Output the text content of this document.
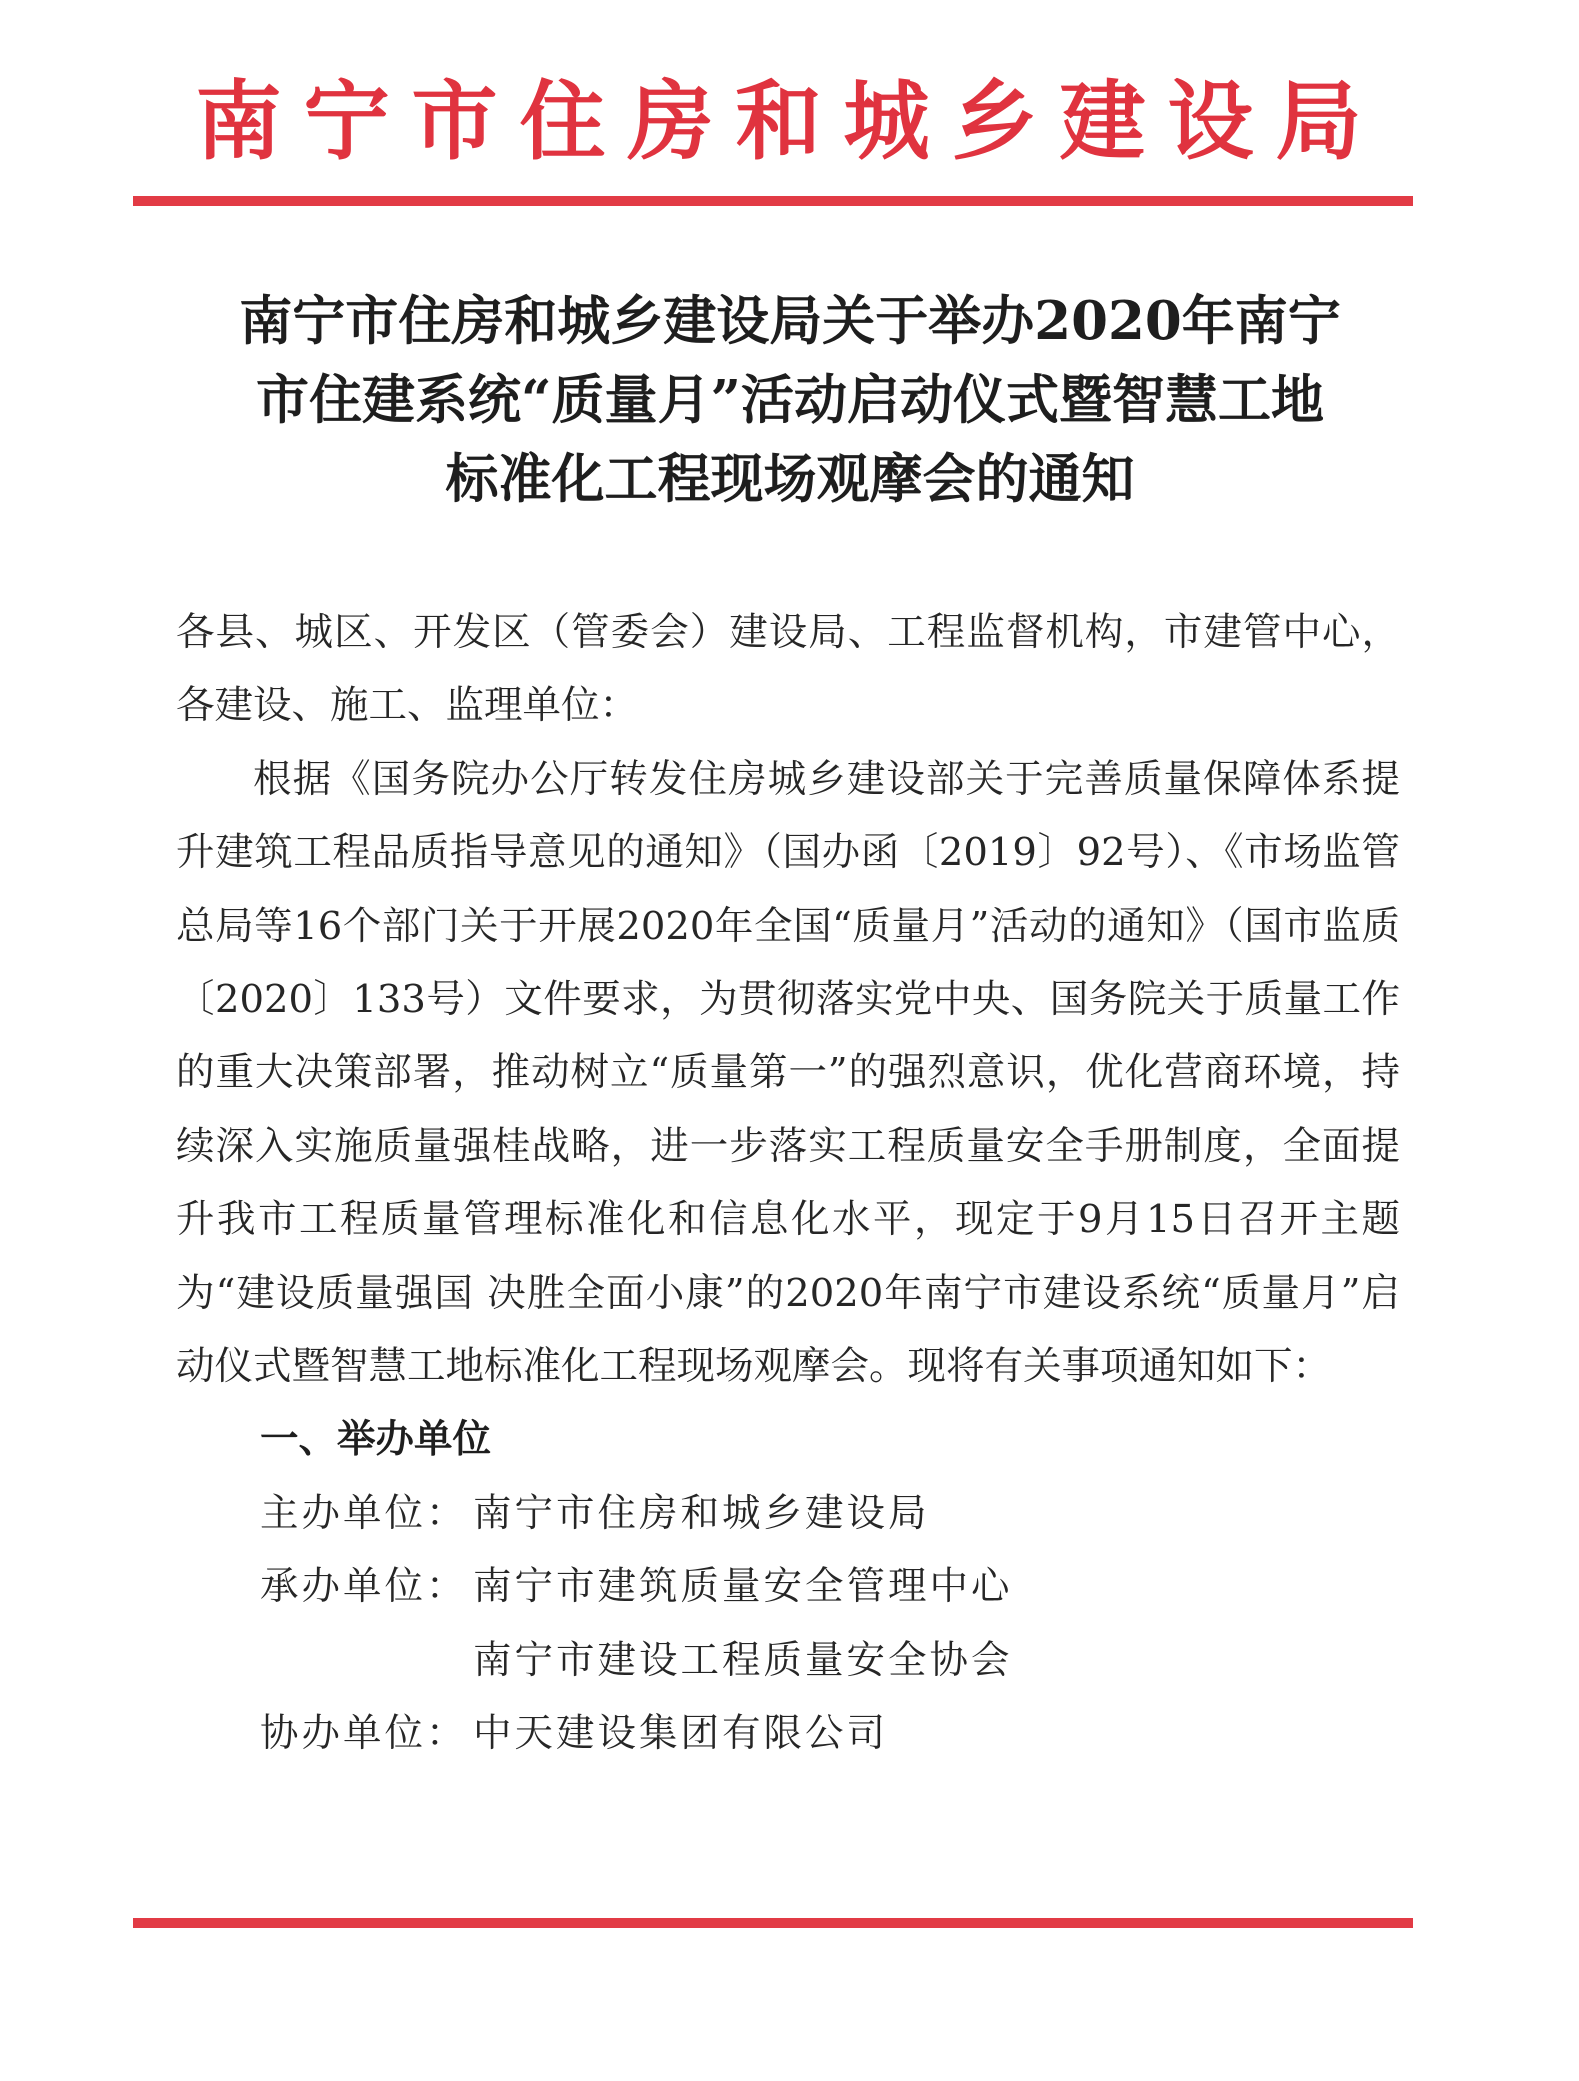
南宁市住房和城乡建设局
南宁市住房和城乡建设局关于举办2020年南宁
市住建系统“质量月”活动启动仪式暨智慧工地
标准化工程现场观摩会的通知

各县、城区、开发区（管委会）建设局、工程监督机构，市建管中心，各建设、施工、监理单位：

根据《国务院办公厅转发住房城乡建设部关于完善质量保障体系提升建筑工程品质指导意见的通知》（国办函〔2019〕92号）、《市场监管总局等16个部门关于开展2020年全国“质量月”活动的通知》（国市监质〔2020〕133号）文件要求，为贯彻落实党中央、国务院关于质量工作的重大决策部署，推动树立“质量第一”的强烈意识，优化营商环境，持续深入实施质量强桂战略，进一步落实工程质量安全手册制度，全面提升我市工程质量管理标准化和信息化水平，现定于9月15日召开主题为“建设质量强国 决胜全面小康”的2020年南宁市建设系统“质量月”启动仪式暨智慧工地标准化工程现场观摩会。现将有关事项通知如下：

一、举办单位

主办单位： 南宁市住房和城乡建设局
承办单位： 南宁市建筑质量安全管理中心
南宁市建设工程质量安全协会
协办单位： 中天建设集团有限公司
